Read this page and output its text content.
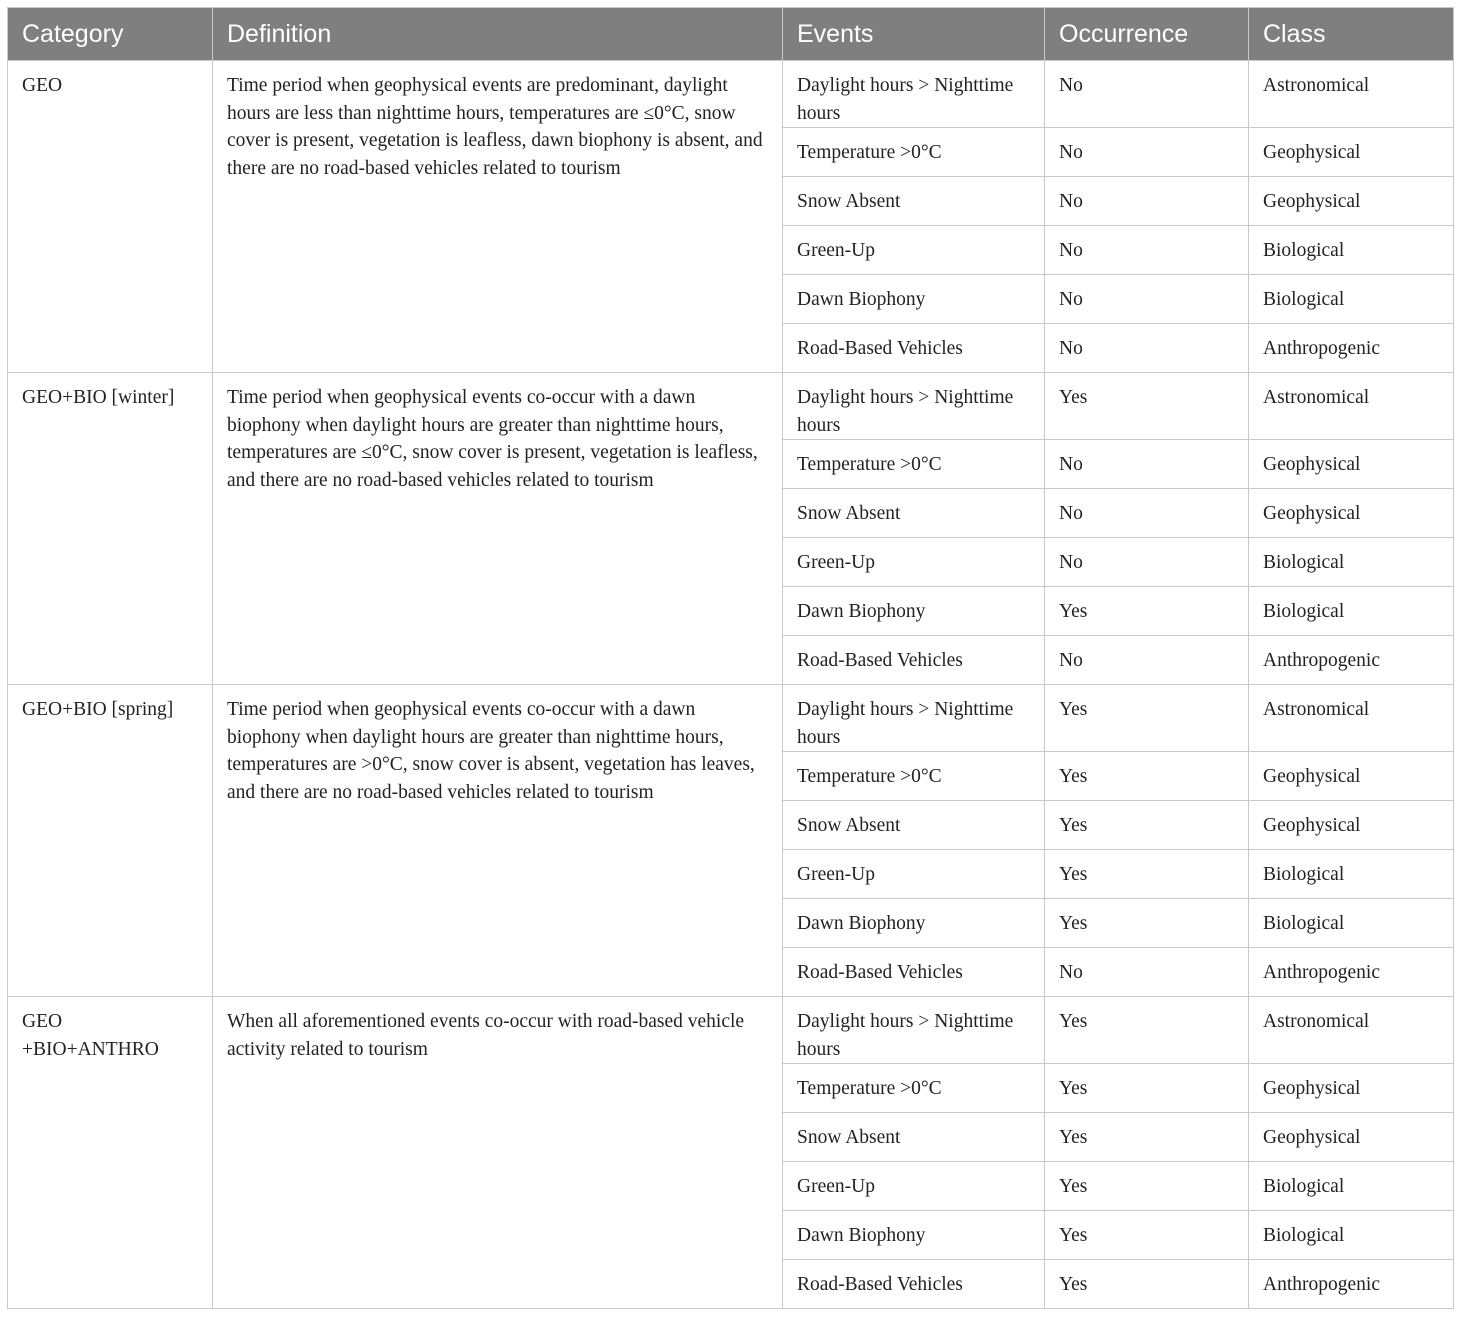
Category	Definition	Events	Occurrence	Class
GEO	Time period when geophysical events are predominant, daylight hours are less than nighttime hours, temperatures are ≤0°C, snow cover is present, vegetation is leafless, dawn biophony is absent, and there are no road-based vehicles related to tourism	Daylight hours > Nighttime hours	No	Astronomical
		Temperature >0°C	No	Geophysical
		Snow Absent	No	Geophysical
		Green-Up	No	Biological
		Dawn Biophony	No	Biological
		Road-Based Vehicles	No	Anthropogenic
GEO+BIO [winter]	Time period when geophysical events co-occur with a dawn biophony when daylight hours are greater than nighttime hours, temperatures are ≤0°C, snow cover is present, vegetation is leafless, and there are no road-based vehicles related to tourism	Daylight hours > Nighttime hours	Yes	Astronomical
		Temperature >0°C	No	Geophysical
		Snow Absent	No	Geophysical
		Green-Up	No	Biological
		Dawn Biophony	Yes	Biological
		Road-Based Vehicles	No	Anthropogenic
GEO+BIO [spring]	Time period when geophysical events co-occur with a dawn biophony when daylight hours are greater than nighttime hours, temperatures are >0°C, snow cover is absent, vegetation has leaves, and there are no road-based vehicles related to tourism	Daylight hours > Nighttime hours	Yes	Astronomical
		Temperature >0°C	Yes	Geophysical
		Snow Absent	Yes	Geophysical
		Green-Up	Yes	Biological
		Dawn Biophony	Yes	Biological
		Road-Based Vehicles	No	Anthropogenic
GEO +BIO+ANTHRO	When all aforementioned events co-occur with road-based vehicle activity related to tourism	Daylight hours > Nighttime hours	Yes	Astronomical
		Temperature >0°C	Yes	Geophysical
		Snow Absent	Yes	Geophysical
		Green-Up	Yes	Biological
		Dawn Biophony	Yes	Biological
		Road-Based Vehicles	Yes	Anthropogenic
